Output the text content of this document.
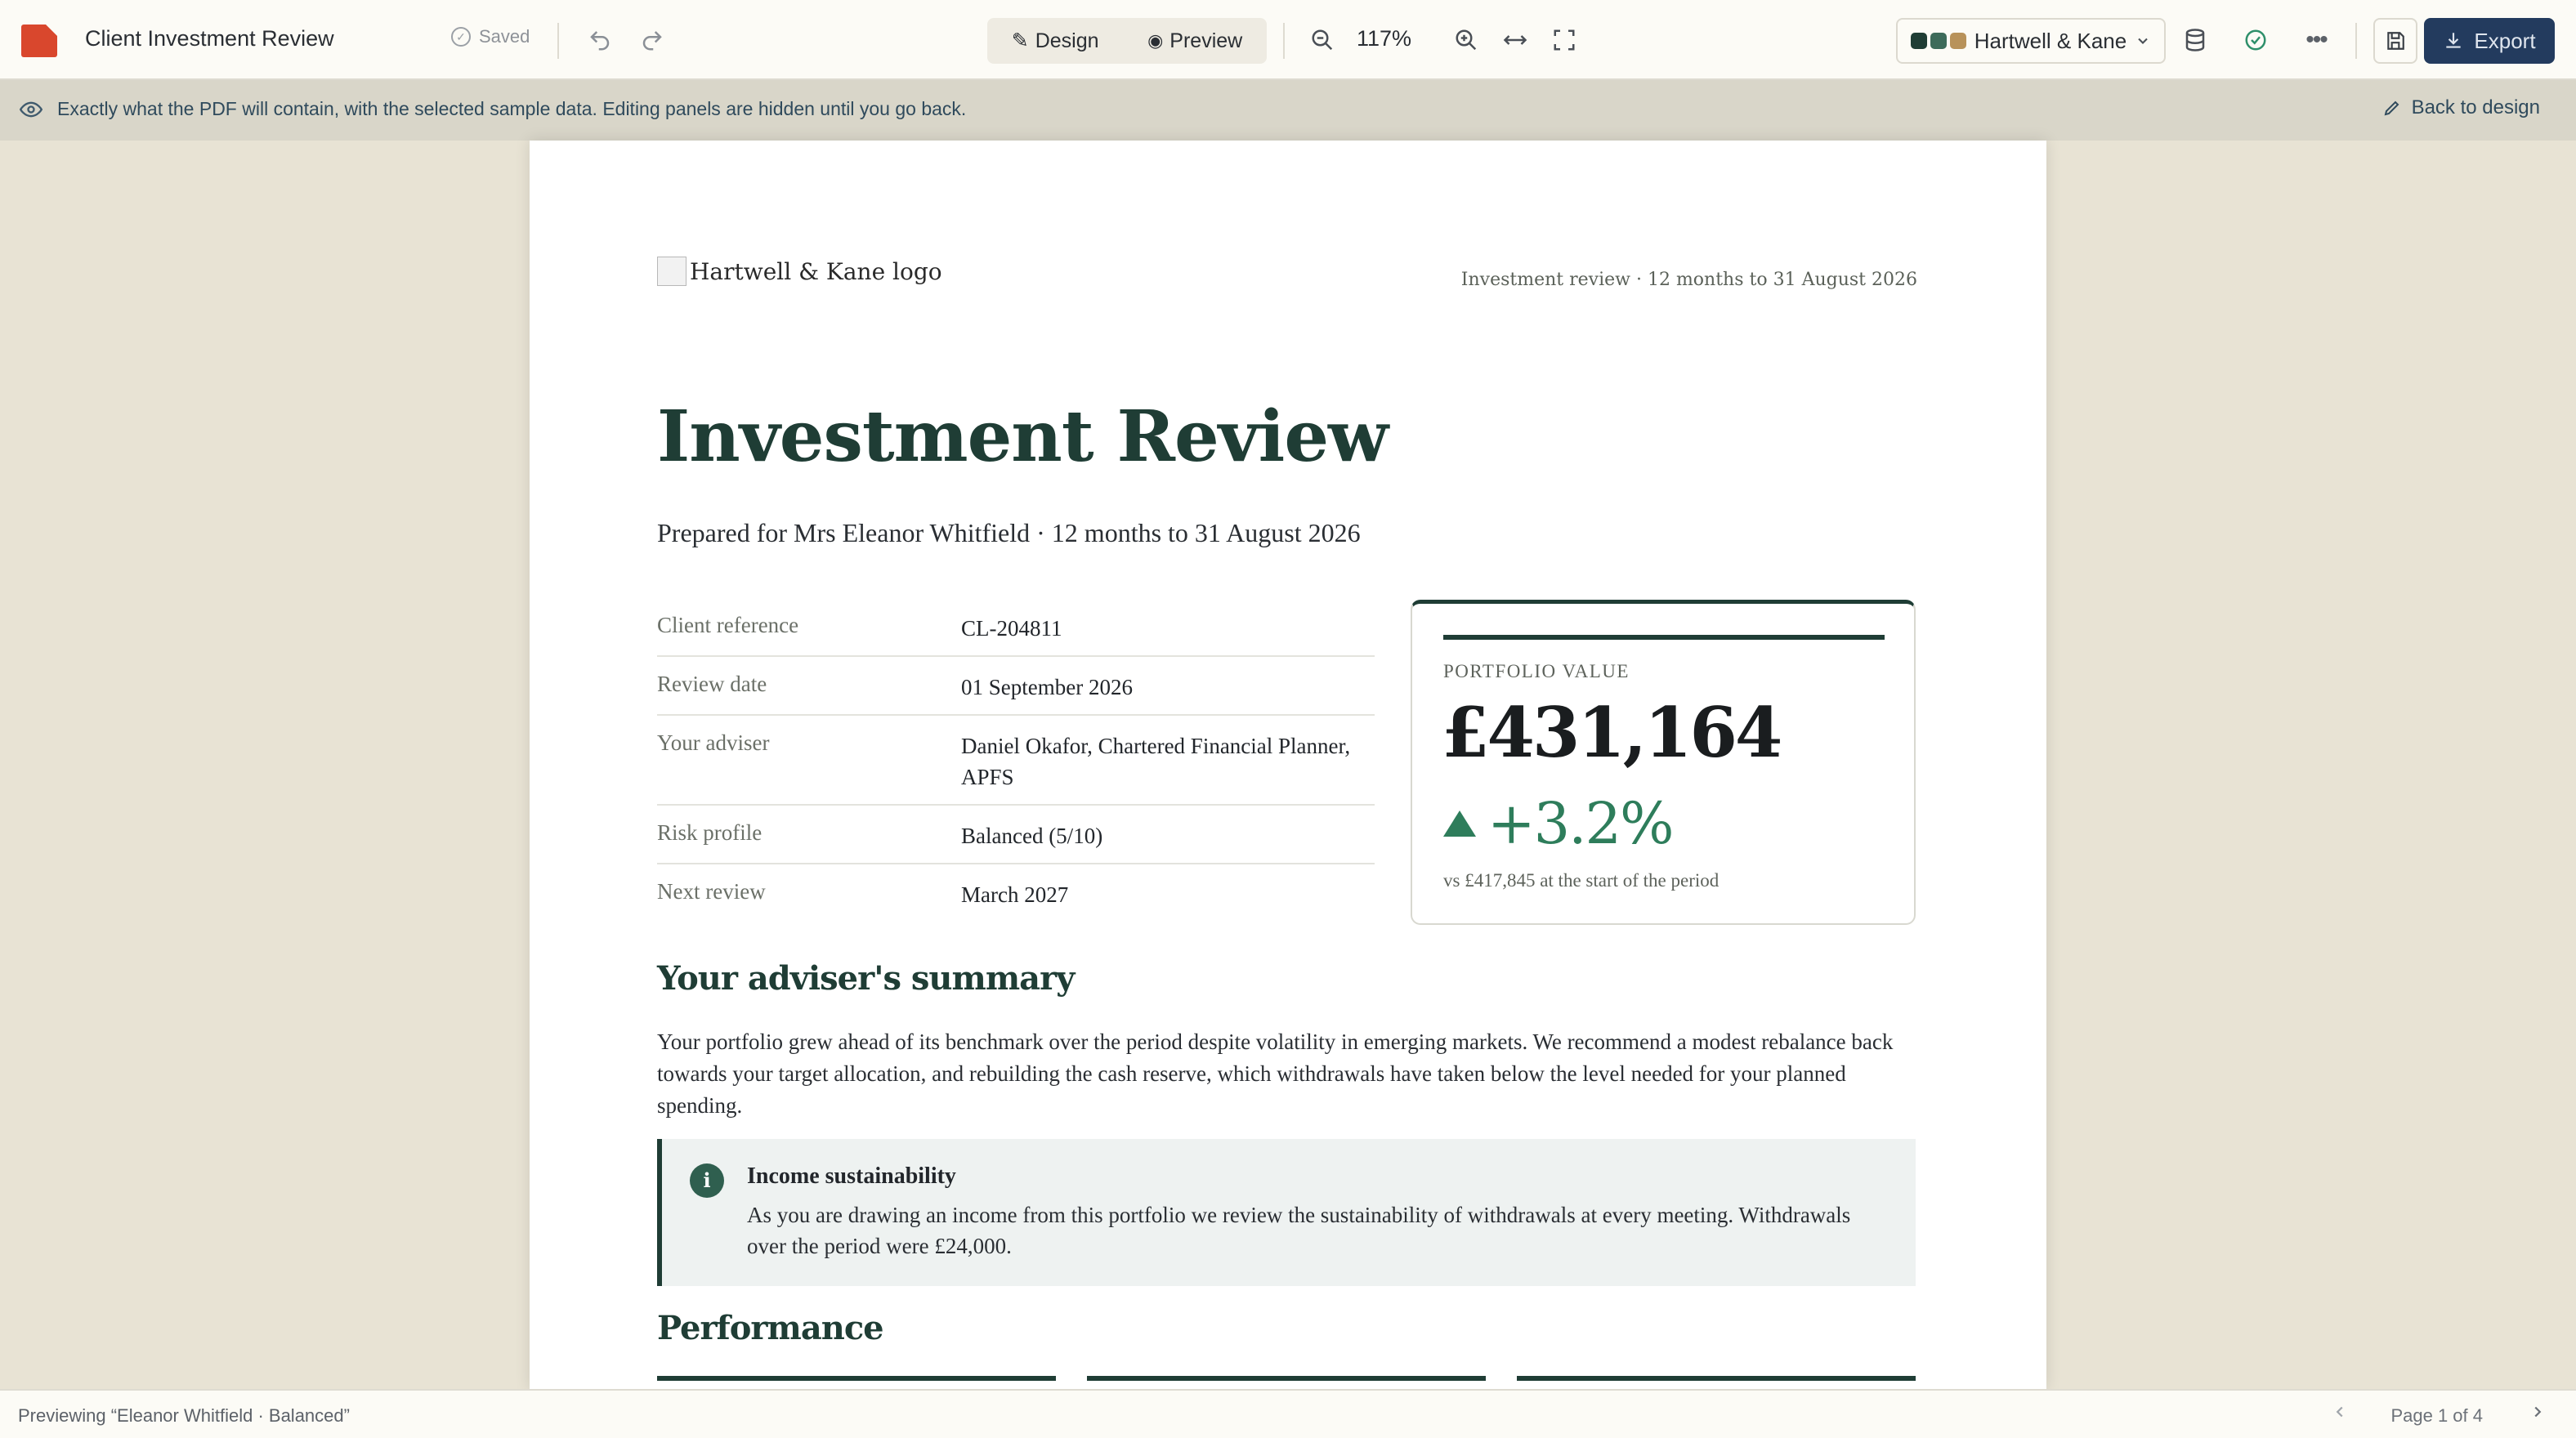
Client Investment Review	✓ Saved	✎ Design	◉ Preview	117%	Hartwell & Kane	•••	Export
Exactly what the PDF will contain, with the selected sample data. Editing panels are hidden until you go back.	Back to design
Hartwell & Kane logo	Investment review · 12 months to 31 August 2026
Investment Review
Prepared for Mrs Eleanor Whitfield · 12 months to 31 August 2026
Client reference	CL-204811
Review date	01 September 2026
Your adviser	Daniel Okafor, Chartered Financial Planner, APFS
Risk profile	Balanced (5/10)
Next review	March 2027
PORTFOLIO VALUE
£431,164
+3.2%
vs £417,845 at the start of the period
Your adviser's summary
Your portfolio grew ahead of its benchmark over the period despite volatility in emerging markets. We recommend a modest rebalance back towards your target allocation, and rebuilding the cash reserve, which withdrawals have taken below the level needed for your planned spending.
i	Income sustainability
As you are drawing an income from this portfolio we review the sustainability of withdrawals at every meeting. Withdrawals over the period were £24,000.
Performance
Previewing “Eleanor Whitfield · Balanced”	Page 1 of 4
